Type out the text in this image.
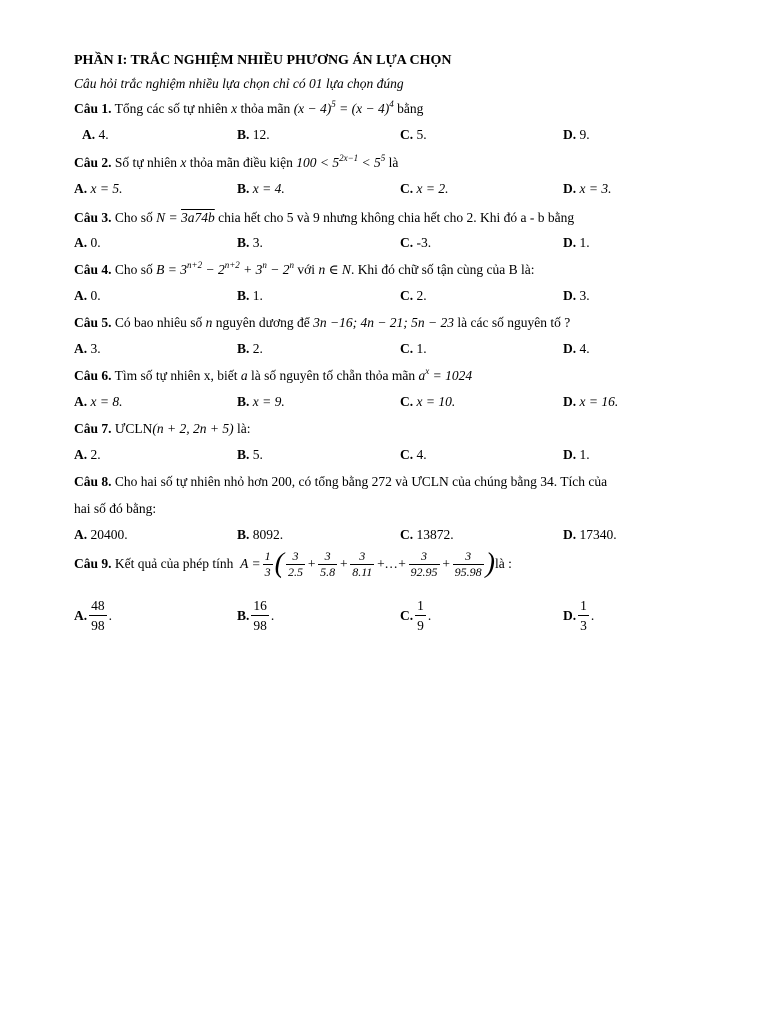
PHẦN I: TRẮC NGHIỆM NHIỀU PHƯƠNG ÁN LỰA CHỌN
Câu hỏi trắc nghiệm nhiều lựa chọn chỉ có 01 lựa chọn đúng
Câu 1. Tổng các số tự nhiên x thỏa mãn $(x - 4)^5 = (x - 4)^4$ bằng
A. 4.	B. 12.	C. 5.	D. 9.
Câu 2. Số tự nhiên x thỏa mãn điều kiện $100 < 5^{2x-1} < 5^5$ là
A. x = 5.	B. x = 4.	C. x = 2.	D. x = 3.
Câu 3. Cho số N = 3a74b chia hết cho 5 và 9 nhưng không chia hết cho 2. Khi đó a - b bằng
A. 0.	B. 3.	C. -3.	D. 1.
Câu 4. Cho số $B = 3^{n+2} - 2^{n+2} + 3^n - 2^n$ với n ∈ N. Khi đó chữ số tận cùng của B là:
A. 0.	B. 1.	C. 2.	D. 3.
Câu 5. Có bao nhiêu số n nguyên dương để 3n −16; 4n − 21; 5n − 23 là các số nguyên tố ?
A. 3.	B. 2.	C. 1.	D. 4.
Câu 6. Tìm số tự nhiên x, biết a là số nguyên tố chẵn thỏa mãn $a^x = 1024$
A. x = 8.	B. x = 9.	C. x = 10.	D. x = 16.
Câu 7. ƯCLN(n + 2, 2n + 5) là:
A. 2.	B. 5.	C. 4.	D. 1.
Câu 8. Cho hai số tự nhiên nhỏ hơn 200, có tổng bằng 272 và ƯCLN của chúng bằng 34. Tích của
hai số đó bằng:
A. 20400.	B. 8092.	C. 13872.	D. 17340.
Câu 9. Kết quả của phép tính $A = \frac{1}{3}$ ( $\frac{3}{2.5} + \frac{3}{5.8} + \frac{3}{8.11}$ +…+ $\frac{3}{92.95} + \frac{3}{95.98}$ ) là :
A. $\frac{48}{98}$ .	B. $\frac{16}{98}$ .	C. $\frac{1}{9}$ .	D. $\frac{1}{3}$ .
